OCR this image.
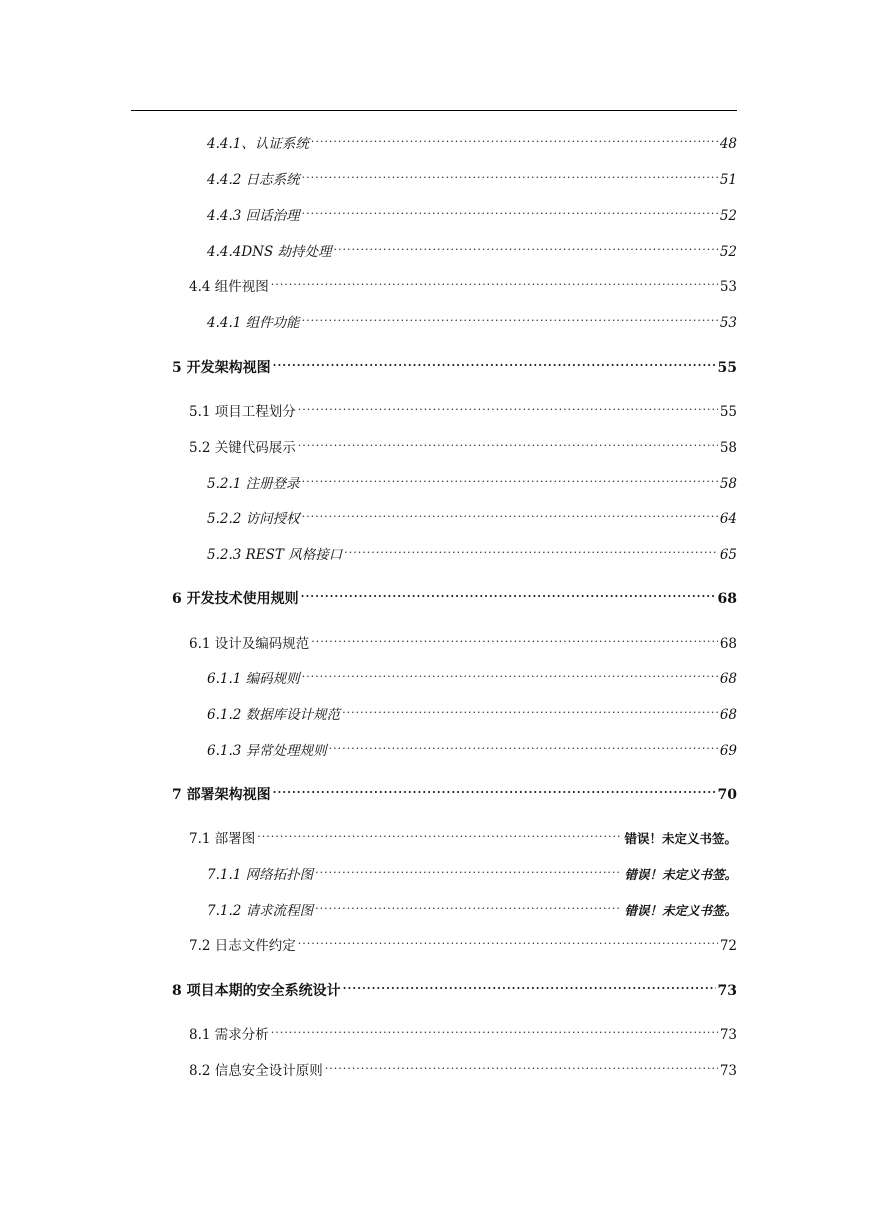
4.4.1、认证系统 .....	48
4.4.2 日志系统 .....	51
4.4.3 回话治理 .....	52
4.4.4DNS 劫持处理 .....	52
4.4 组件视图 .....	53
4.4.1 组件功能 .....	53
5 开发架构视图 .....	55
5.1 项目工程划分 .....	55
5.2 关键代码展示 .....	58
5.2.1 注册登录 .....	58
5.2.2 访问授权 .....	64
5.2.3 REST 风格接口 .....	65
6 开发技术使用规则 .....	68
6.1 设计及编码规范 .....	68
6.1.1 编码规则 .....	68
6.1.2 数据库设计规范 .....	68
6.1.3 异常处理规则 .....	69
7 部署架构视图 .....	70
7.1 部署图 .....	错误！未定义书签。
7.1.1 网络拓扑图 .....	错误！未定义书签。
7.1.2 请求流程图 .....	错误！未定义书签。
7.2 日志文件约定 .....	72
8 项目本期的安全系统设计 .....	73
8.1 需求分析 .....	73
8.2 信息安全设计原则 .....	73
